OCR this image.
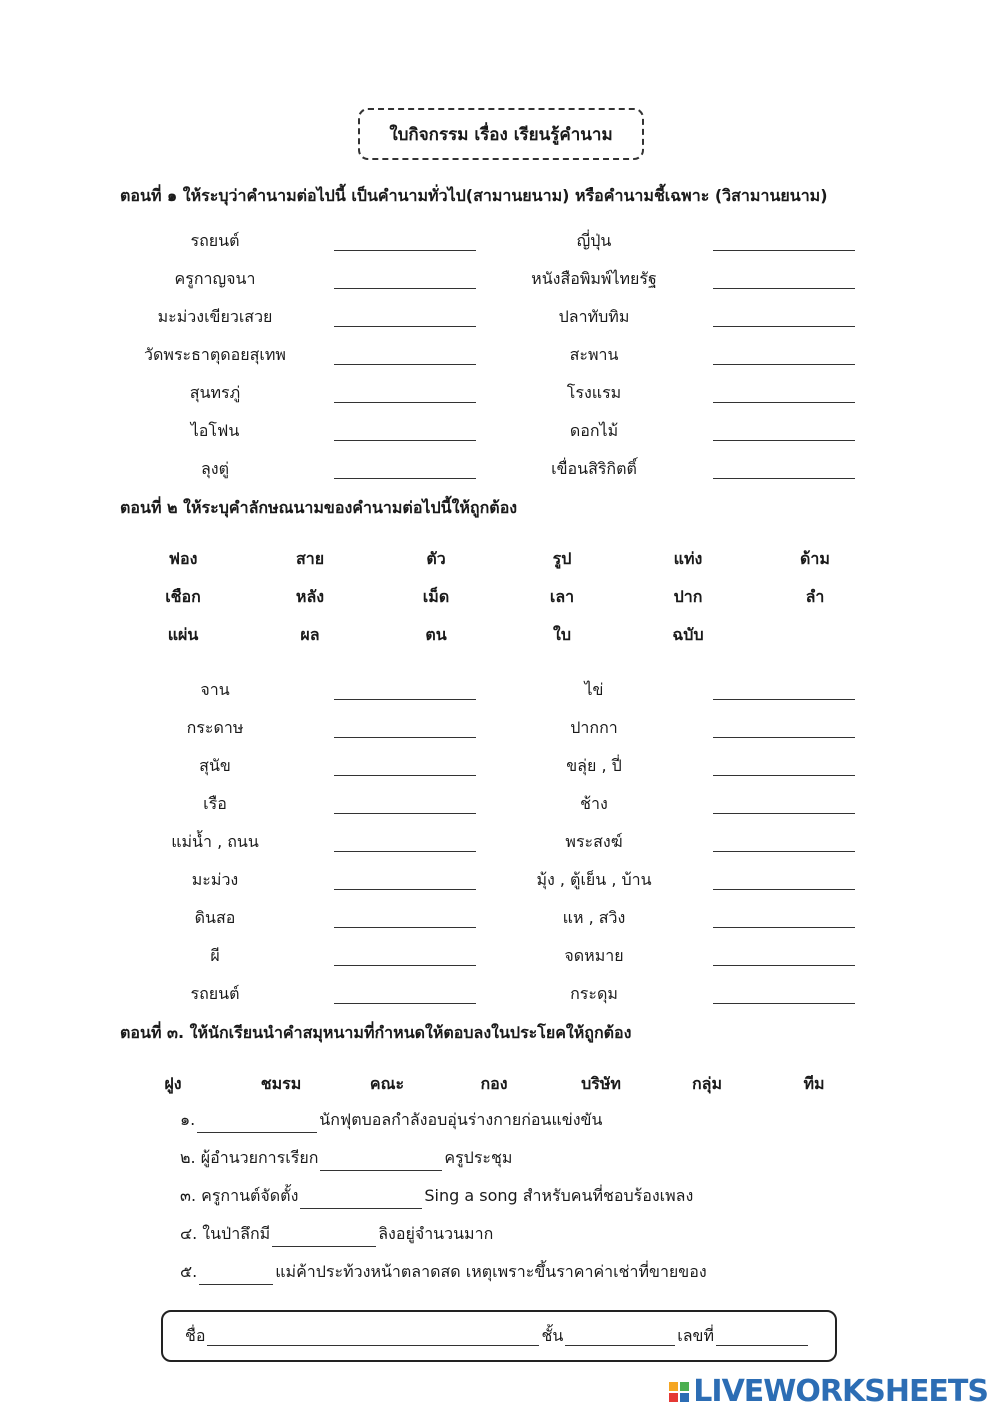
ใบกิจกรรม เรื่อง เรียนรู้คำนาม
ตอนที่ ๑ ให้ระบุว่าคำนามต่อไปนี้ เป็นคำนามทั่วไป(สามานยนาม) หรือคำนามชี้เฉพาะ (วิสามานยนาม)
รถยนต์
ครูกาญจนา
มะม่วงเขียวเสวย
วัดพระธาตุดอยสุเทพ
สุนทรภู่
ไอโฟน
ลุงตู่
ญี่ปุ่น
หนังสือพิมพ์ไทยรัฐ
ปลาทับทิม
สะพาน
โรงแรม
ดอกไม้
เขื่อนสิริกิตติ์
ตอนที่ ๒ ให้ระบุคำลักษณนามของคำนามต่อไปนี้ให้ถูกต้อง
ฟอง	สาย	ตัว	รูป	แท่ง	ด้าม
เชือก	หลัง	เม็ด	เลา	ปาก	ลำ
แผ่น	ผล	ตน	ใบ	ฉบับ
จาน
กระดาษ
สุนัข
เรือ
แม่น้ำ , ถนน
มะม่วง
ดินสอ
ผี
รถยนต์
ไข่
ปากกา
ขลุ่ย , ปี่
ช้าง
พระสงฆ์
มุ้ง , ตู้เย็น , บ้าน
แห , สวิง
จดหมาย
กระดุม
ตอนที่ ๓. ให้นักเรียนนำคำสมุหนามที่กำหนดให้ตอบลงในประโยคให้ถูกต้อง
ฝูง	ชมรม	คณะ	กอง	บริษัท	กลุ่ม	ทีม
๑.	นักฟุตบอลกำลังอบอุ่นร่างกายก่อนแข่งขัน
๒. ผู้อำนวยการเรียก	ครูประชุม
๓. ครูกานต์จัดตั้ง	Sing a song สำหรับคนที่ชอบร้องเพลง
๔. ในป่าลึกมี	ลิงอยู่จำนวนมาก
๕.	แม่ค้าประท้วงหน้าตลาดสด เหตุเพราะขึ้นราคาค่าเช่าที่ขายของ
ชื่อ	ชั้น	เลขที่
LIVEWORKSHEETS
